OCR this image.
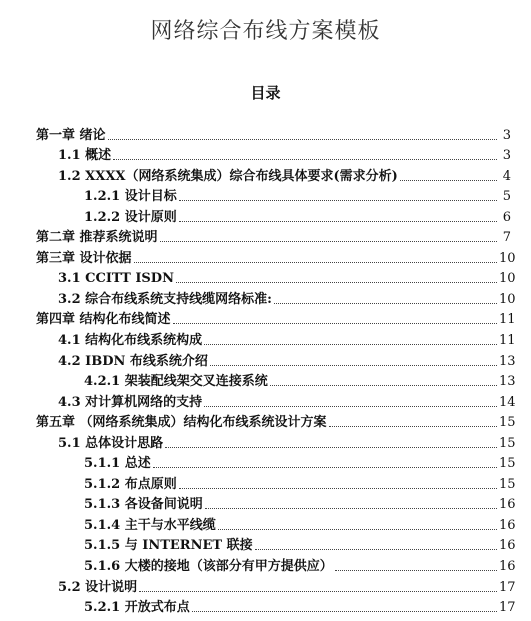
网络综合布线方案模板
目录
第一章 绪论	3
1.1 概述	3
1.2 XXXX（网络系统集成）综合布线具体要求(需求分析)	4
1.2.1 设计目标	5
1.2.2 设计原则	6
第二章 推荐系统说明	7
第三章 设计依据	10
3.1 CCITT ISDN	10
3.2 综合布线系统支持线缆网络标准:	10
第四章 结构化布线简述	11
4.1 结构化布线系统构成	11
4.2 IBDN 布线系统介绍	13
4.2.1 架装配线架交叉连接系统	13
4.3 对计算机网络的支持	14
第五章 （网络系统集成）结构化布线系统设计方案	15
5.1 总体设计思路	15
5.1.1 总述	15
5.1.2 布点原则	15
5.1.3 各设备间说明	16
5.1.4 主干与水平线缆	16
5.1.5 与 INTERNET 联接	16
5.1.6 大楼的接地（该部分有甲方提供应）	16
5.2 设计说明	17
5.2.1 开放式布点	17
